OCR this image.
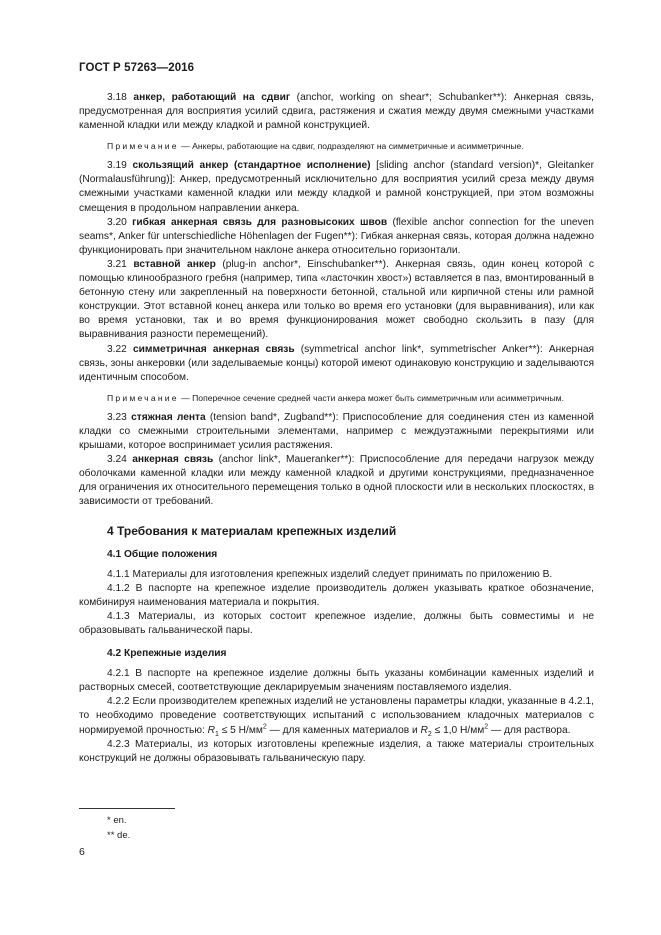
ГОСТ Р 57263—2016

3.18 анкер, работающий на сдвиг (anchor, working on shear*; Schubanker**): Анкерная связь, предусмотренная для восприятия усилий сдвига, растяжения и сжатия между двумя смежными участками каменной кладки или между кладкой и рамной конструкцией.

Примечание — Анкеры, работающие на сдвиг, подразделяют на симметричные и асимметричные.

3.19 скользящий анкер (стандартное исполнение) [sliding anchor (standard version)*, Gleitanker (Normalausführung)]: Анкер, предусмотренный исключительно для восприятия усилий среза между двумя смежными участками каменной кладки или между кладкой и рамной конструкцией, при этом возможны смещения в продольном направлении анкера.

3.20 гибкая анкерная связь для разновысоких швов (flexible anchor connection for the uneven seams*, Anker für unterschiedliche Höhenlagen der Fugen**): Гибкая анкерная связь, которая должна надежно функционировать при значительном наклоне анкера относительно горизонтали.

3.21 вставной анкер (plug-in anchor*, Einschubanker**). Анкерная связь, один конец которой с помощью клинообразного гребня (например, типа «ласточкин хвост») вставляется в паз, вмонтированный в бетонную стену или закрепленный на поверхности бетонной, стальной или кирпичной стены или рамной конструкции. Этот вставной конец анкера или только во время его установки (для выравнивания), или как во время установки, так и во время функционирования может свободно скользить в пазу (для выравнивания разности перемещений).

3.22 симметричная анкерная связь (symmetrical anchor link*, symmetrischer Anker**): Анкерная связь, зоны анкеровки (или заделываемые концы) которой имеют одинаковую конструкцию и заделываются идентичным способом.

Примечание — Поперечное сечение средней части анкера может быть симметричным или асимметричным.

3.23 стяжная лента (tension band*, Zugband**): Приспособление для соединения стен из каменной кладки со смежными строительными элементами, например с междуэтажными перекрытиями или крышами, которое воспринимает усилия растяжения.

3.24 анкерная связь (anchor link*, Maueranker**): Приспособление для передачи нагрузок между оболочками каменной кладки или между каменной кладкой и другими конструкциями, предназначенное для ограничения их относительного перемещения только в одной плоскости или в нескольких плоскостях, в зависимости от требований.

4 Требования к материалам крепежных изделий
4.1 Общие положения

4.1.1 Материалы для изготовления крепежных изделий следует принимать по приложению В.

4.1.2 В паспорте на крепежное изделие производитель должен указывать краткое обозначение, комбинируя наименования материала и покрытия.

4.1.3 Материалы, из которых состоит крепежное изделие, должны быть совместимы и не образовывать гальванической пары.

4.2 Крепежные изделия

4.2.1 В паспорте на крепежное изделие должны быть указаны комбинации каменных изделий и растворных смесей, соответствующие декларируемым значениям поставляемого изделия.

4.2.2 Если производителем крепежных изделий не установлены параметры кладки, указанные в 4.2.1, то необходимо проведение соответствующих испытаний с использованием кладочных материалов с нормируемой прочностью: $R_1 \le 5$ $Н/мм^2$ — для каменных материалов и $R_2 \le 1,0$ $Н/мм^2$ — для раствора.

4.2.3 Материалы, из которых изготовлены крепежные изделия, а также материалы строительных конструкций не должны образовывать гальваническую пару.

* en.
** de.
6
